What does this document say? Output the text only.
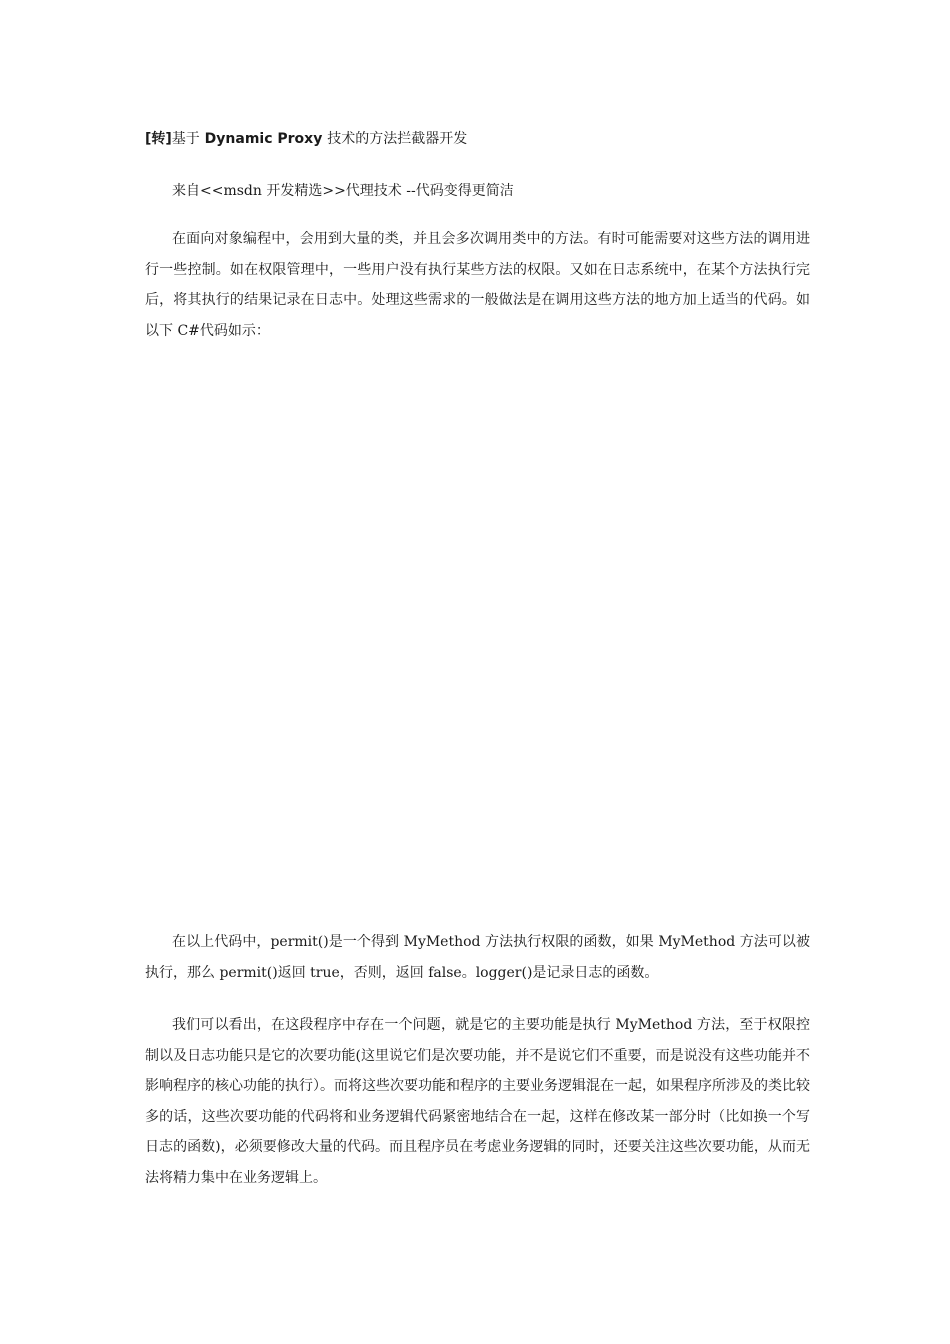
[转]基于 Dynamic Proxy 技术的方法拦截器开发
来自<<msdn 开发精选>>代理技术 --代码变得更简洁

在面向对象编程中，会用到大量的类，并且会多次调用类中的方法。有时可能需要对这些方法的调用进行一些控制。如在权限管理中，一些用户没有执行某些方法的权限。又如在日志系统中，在某个方法执行完后，将其执行的结果记录在日志中。处理这些需求的一般做法是在调用这些方法的地方加上适当的代码。如以下 C#代码如示：

在以上代码中，permit()是一个得到 MyMethod 方法执行权限的函数，如果 MyMethod 方法可以被执行，那么 permit()返回 true，否则，返回 false。logger()是记录日志的函数。

我们可以看出，在这段程序中存在一个问题，就是它的主要功能是执行 MyMethod 方法，至于权限控制以及日志功能只是它的次要功能(这里说它们是次要功能，并不是说它们不重要，而是说没有这些功能并不影响程序的核心功能的执行）。而将这些次要功能和程序的主要业务逻辑混在一起，如果程序所涉及的类比较多的话，这些次要功能的代码将和业务逻辑代码紧密地结合在一起，这样在修改某一部分时（比如换一个写日志的函数)，必须要修改大量的代码。而且程序员在考虑业务逻辑的同时，还要关注这些次要功能，从而无法将精力集中在业务逻辑上。
